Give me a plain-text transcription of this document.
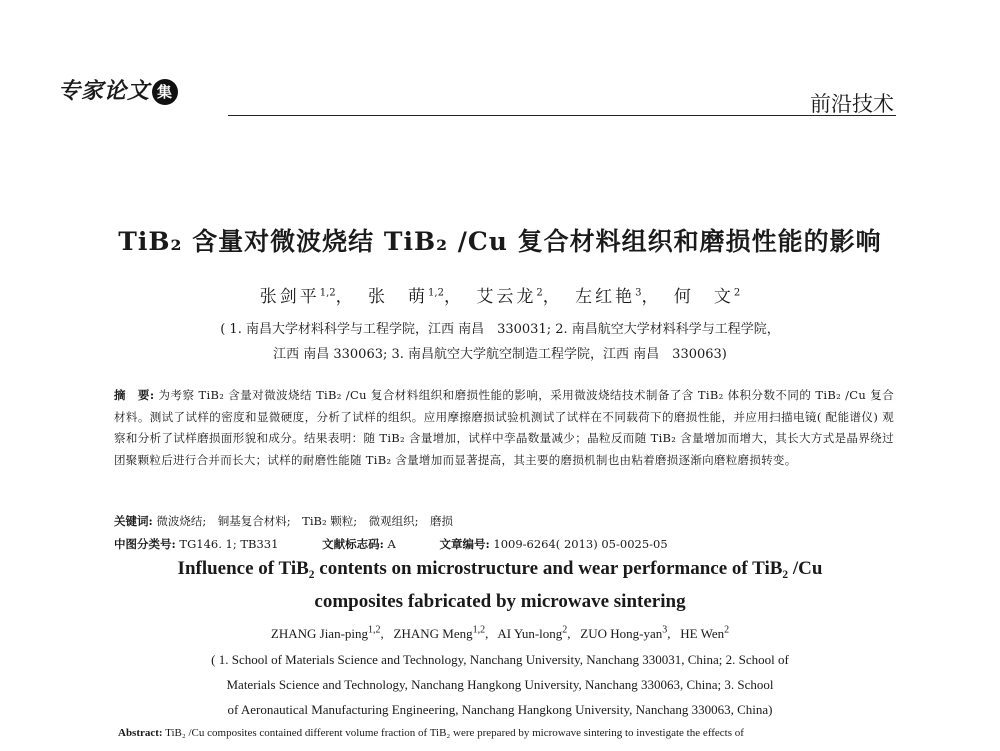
专家论文 集	前沿技术
TiB₂ 含量对微波烧结 TiB₂ /Cu 复合材料组织和磨损性能的影响
张剑平$^{1,2}$， 张　萌$^{1,2}$， 艾云龙$^2$， 左红艳$^3$， 何　文$^2$
( 1. 南昌大学材料科学与工程学院，江西 南昌　330031; 2. 南昌航空大学材料科学与工程学院，
江西 南昌 330063; 3. 南昌航空大学航空制造工程学院，江西 南昌　330063)
摘　要: 为考察 TiB₂ 含量对微波烧结 TiB₂ /Cu 复合材料组织和磨损性能的影响，采用微波烧结技术制备了含 TiB₂ 体积分数不同的 TiB₂ /Cu 复合材料。测试了试样的密度和显微硬度，分析了试样的组织。应用摩擦磨损试验机测试了试样在不同载荷下的磨损性能，并应用扫描电镜( 配能谱仪) 观察和分析了试样磨损面形貌和成分。结果表明：随 TiB₂ 含量增加，试样中孪晶数量减少；晶粒反而随 TiB₂ 含量增加而增大，其长大方式是晶界绕过团聚颗粒后进行合并而长大；试样的耐磨性能随 TiB₂ 含量增加而显著提高，其主要的磨损机制也由粘着磨损逐渐向磨粒磨损转变。
关键词: 微波烧结;　铜基复合材料;　TiB₂ 颗粒;　微观组织;　磨损
中图分类号: TG146. 1; TB331	文献标志码: A	文章编号: 1009-6264( 2013) 05-0025-05
Influence of TiB₂ contents on microstructure and wear performance of TiB₂ /Cu
composites fabricated by microwave sintering
ZHANG Jian-ping$^{1,2}$,   ZHANG Meng$^{1,2}$,   AI Yun-long$^2$,   ZUO Hong-yan$^3$,   HE Wen$^2$
( 1. School of Materials Science and Technology, Nanchang University, Nanchang 330031, China; 2. School of
Materials Science and Technology, Nanchang Hangkong University, Nanchang 330063, China; 3. School
of Aeronautical Manufacturing Engineering, Nanchang Hangkong University, Nanchang 330063, China)
Abstract: TiB₂ /Cu composites contained different volume fraction of TiB₂ were prepared by microwave sintering to investigate the effects of
